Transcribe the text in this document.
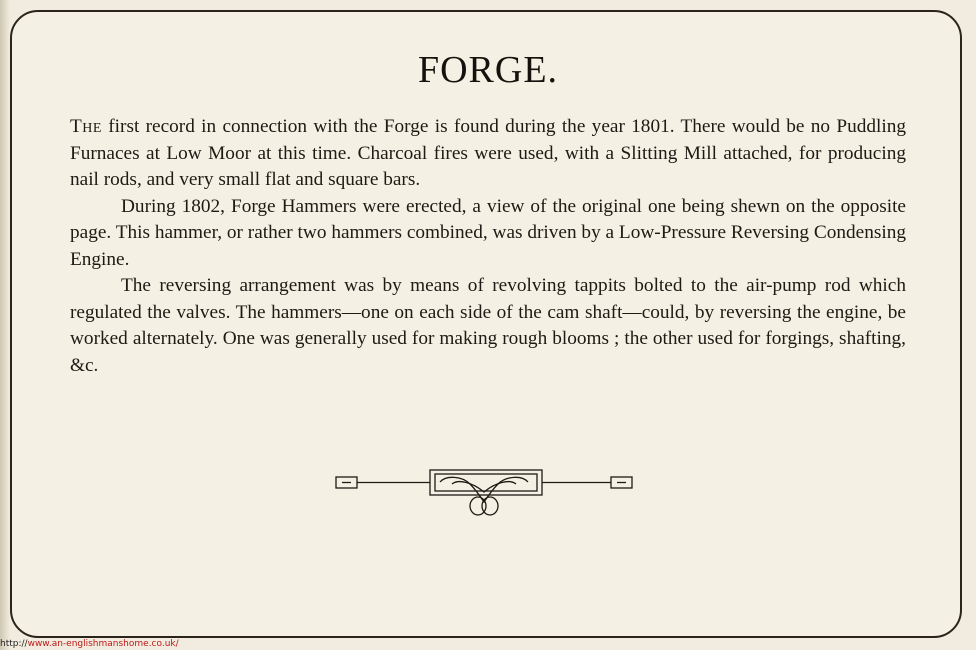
FORGE.

The first record in connection with the Forge is found during the year 1801. There would be no Puddling Furnaces at Low Moor at this time. Charcoal fires were used, with a Slitting Mill attached, for producing nail rods, and very small flat and square bars.

During 1802, Forge Hammers were erected, a view of the original one being shewn on the opposite page. This hammer, or rather two hammers combined, was driven by a Low-Pressure Reversing Condensing Engine.

The reversing arrangement was by means of revolving tappits bolted to the air-pump rod which regulated the valves. The hammers—one on each side of the cam shaft—could, by reversing the engine, be worked alternately. One was generally used for making rough blooms ; the other used for forgings, shafting, &c.

http://www.an-englishmanshome.co.uk/
